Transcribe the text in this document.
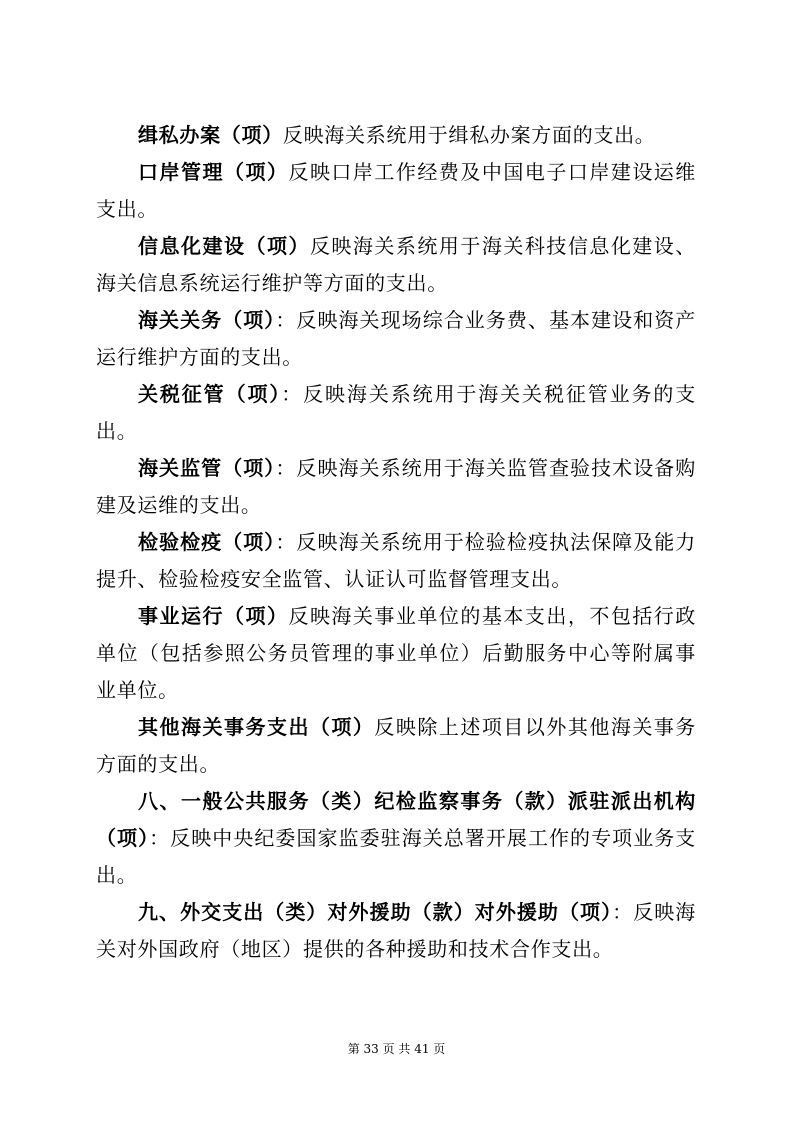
缉私办案（项）反映海关系统用于缉私办案方面的支出。

口岸管理（项）反映口岸工作经费及中国电子口岸建设运维支出。

信息化建设（项）反映海关系统用于海关科技信息化建设、海关信息系统运行维护等方面的支出。

海关关务（项）：反映海关现场综合业务费、基本建设和资产运行维护方面的支出。

关税征管（项）：反映海关系统用于海关关税征管业务的支出。

海关监管（项）：反映海关系统用于海关监管查验技术设备购建及运维的支出。

检验检疫（项）：反映海关系统用于检验检疫执法保障及能力提升、检验检疫安全监管、认证认可监督管理支出。

事业运行（项）反映海关事业单位的基本支出，不包括行政单位（包括参照公务员管理的事业单位）后勤服务中心等附属事业单位。

其他海关事务支出（项）反映除上述项目以外其他海关事务方面的支出。

八、一般公共服务（类）纪检监察事务（款）派驻派出机构（项）：反映中央纪委国家监委驻海关总署开展工作的专项业务支出。

九、外交支出（类）对外援助（款）对外援助（项）：反映海关对外国政府（地区）提供的各种援助和技术合作支出。

第 33 页 共 41 页
